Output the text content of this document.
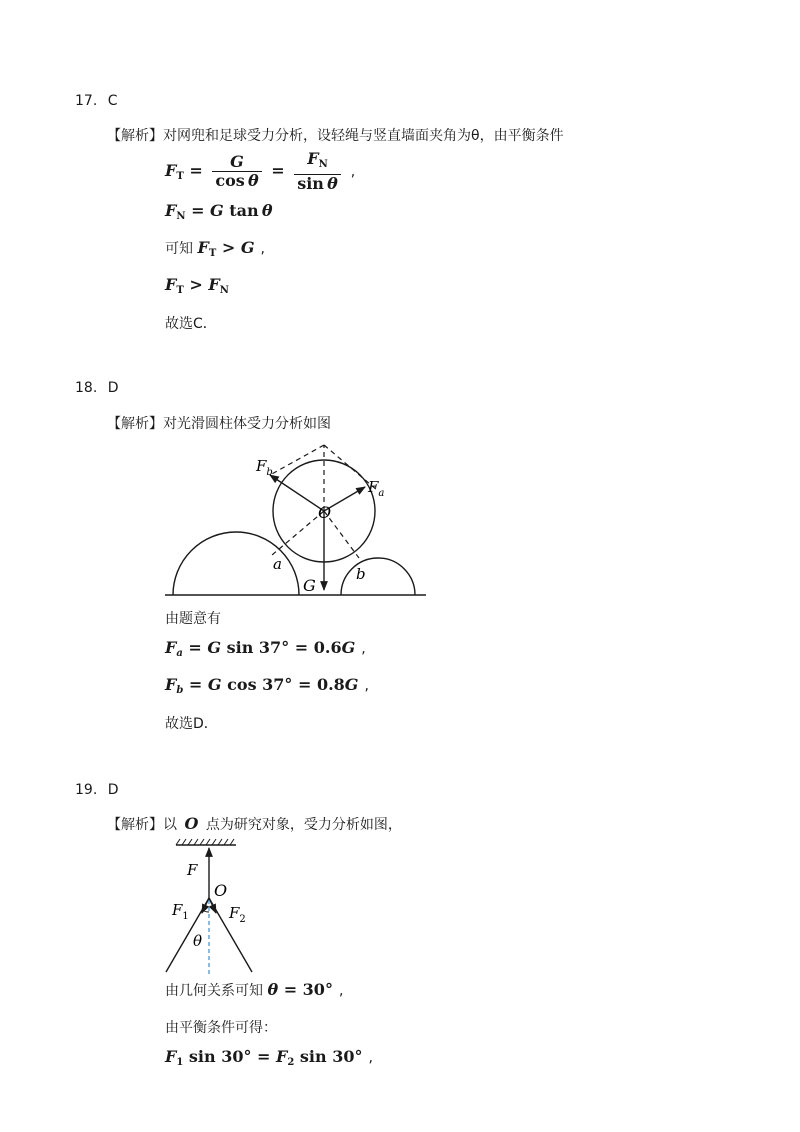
17. C
【解析】对网兜和足球受力分析，设轻绳与竖直墙面夹角为θ，由平衡条件
$F_T = \frac{G}{\text{cos θ}} = \frac{F_N}{\text{sin θ}}$ ,
$F_N = G$ tan θ
可知 $F_T > G$ ,
$F_T > F_N$
故选C．
18. D
【解析】对光滑圆柱体受力分析如图
$F_b$
$F_a$
O
a
b
G
由题意有
$F_a = G$ sin 37° = 0.6G ,
$F_b = G$ cos 37° = 0.8G ,
故选D．
19. D
【解析】以 O 点为研究对象，受力分析如图，
F
O
$F_1$	$F_2$
θ
由几何关系可知 θ = 30° ,
由平衡条件可得：
$F_1$ $\sin 30^\circ = F_2$ sin 30° ,
